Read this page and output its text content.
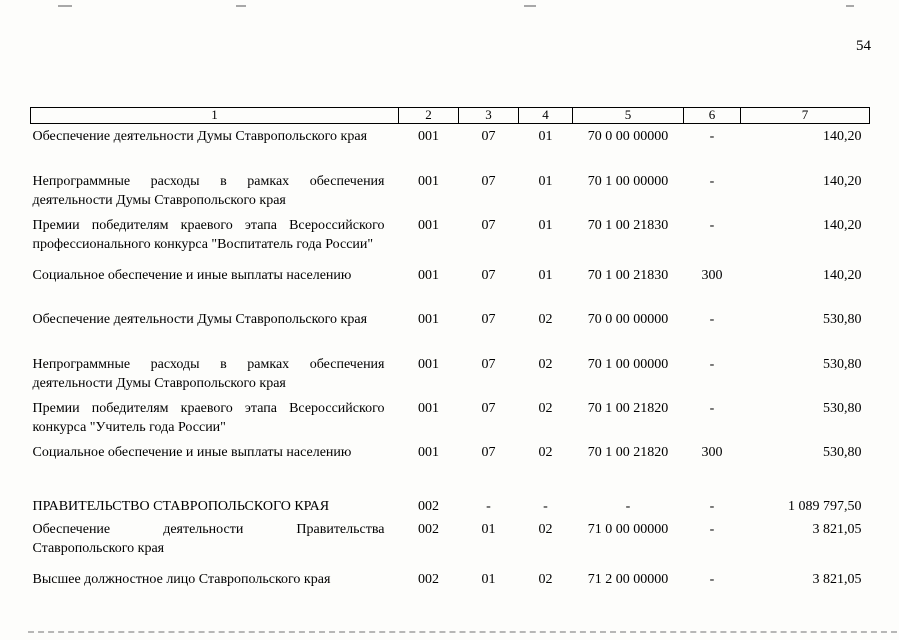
54
1	2	3	4	5	6	7
Обеспечение деятельности Думы Ставропольского края	001	07	01	70 0 00 00000	-	140,20
Непрограммные расходы в рамках обеспечения деятельности Думы Ставропольского края	001	07	01	70 1 00 00000	-	140,20
Премии победителям краевого этапа Всероссийского профессионального конкурса "Воспитатель года России"	001	07	01	70 1 00 21830	-	140,20
Социальное обеспечение и иные выплаты населению	001	07	01	70 1 00 21830	300	140,20
Обеспечение деятельности Думы Ставропольского края	001	07	02	70 0 00 00000	-	530,80
Непрограммные расходы в рамках обеспечения деятельности Думы Ставропольского края	001	07	02	70 1 00 00000	-	530,80
Премии победителям краевого этапа Всероссийского конкурса "Учитель года России"	001	07	02	70 1 00 21820	-	530,80
Социальное обеспечение и иные выплаты населению	001	07	02	70 1 00 21820	300	530,80
ПРАВИТЕЛЬСТВО СТАВРОПОЛЬСКОГО КРАЯ	002	-	-	-	-	1 089 797,50
Обеспечение деятельности Правительства Ставропольского края	002	01	02	71 0 00 00000	-	3 821,05
Высшее должностное лицо Ставропольского края	002	01	02	71 2 00 00000	-	3 821,05
